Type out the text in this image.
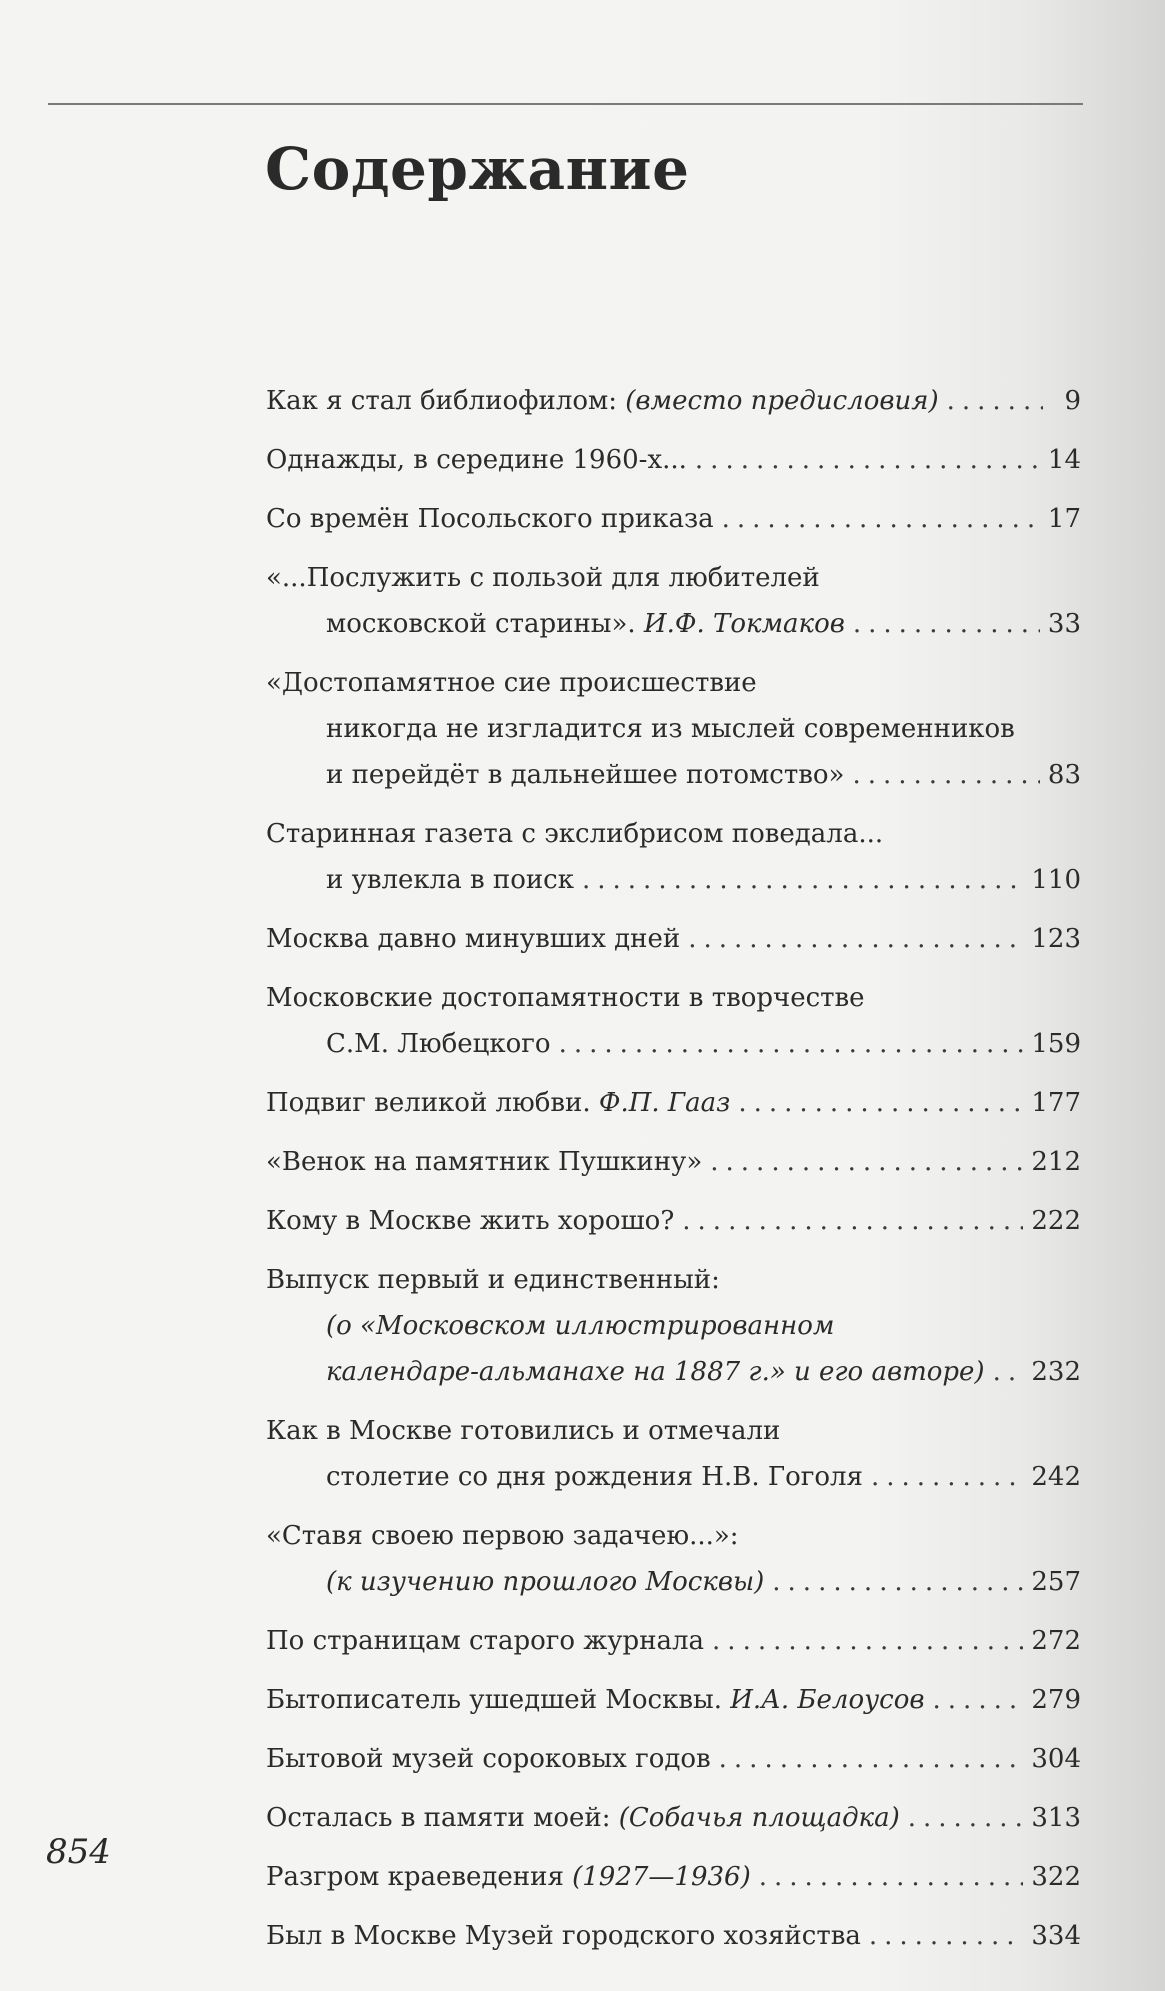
Содержание
Как я стал библиофилом: (вместо предисловия) .....	9
Однажды, в середине 1960-х... .....	14
Со времён Посольского приказа .....	17
«...Послужить с пользой для любителей
московской старины». И.Ф. Токмаков .....	33
«Достопамятное сие происшествие
никогда не изгладится из мыслей современников
и перейдёт в дальнейшее потомство» .....	83
Старинная газета с экслибрисом поведала...
и увлекла в поиск .....	110
Москва давно минувших дней .....	123
Московские достопамятности в творчестве
С.М. Любецкого .....	159
Подвиг великой любви. Ф.П. Гааз .....	177
«Венок на памятник Пушкину» .....	212
Кому в Москве жить хорошо? .....	222
Выпуск первый и единственный:
(о «Московском иллюстрированном
календаре-альманахе на 1887 г.» и его авторе) ..... 232
Как в Москве готовились и отмечали
столетие со дня рождения Н.В. Гоголя .....	242
«Ставя своею первою задачею...»:
(к изучению прошлого Москвы) .....	257
По страницам старого журнала .....	272
Бытописатель ушедшей Москвы. И.А. Белоусов .....	279
Бытовой музей сороковых годов .....	304
Осталась в памяти моей: (Собачья площадка) .....	313
Разгром краеведения (1927—1936) .....	322
Был в Москве Музей городского хозяйства .....	334
854
